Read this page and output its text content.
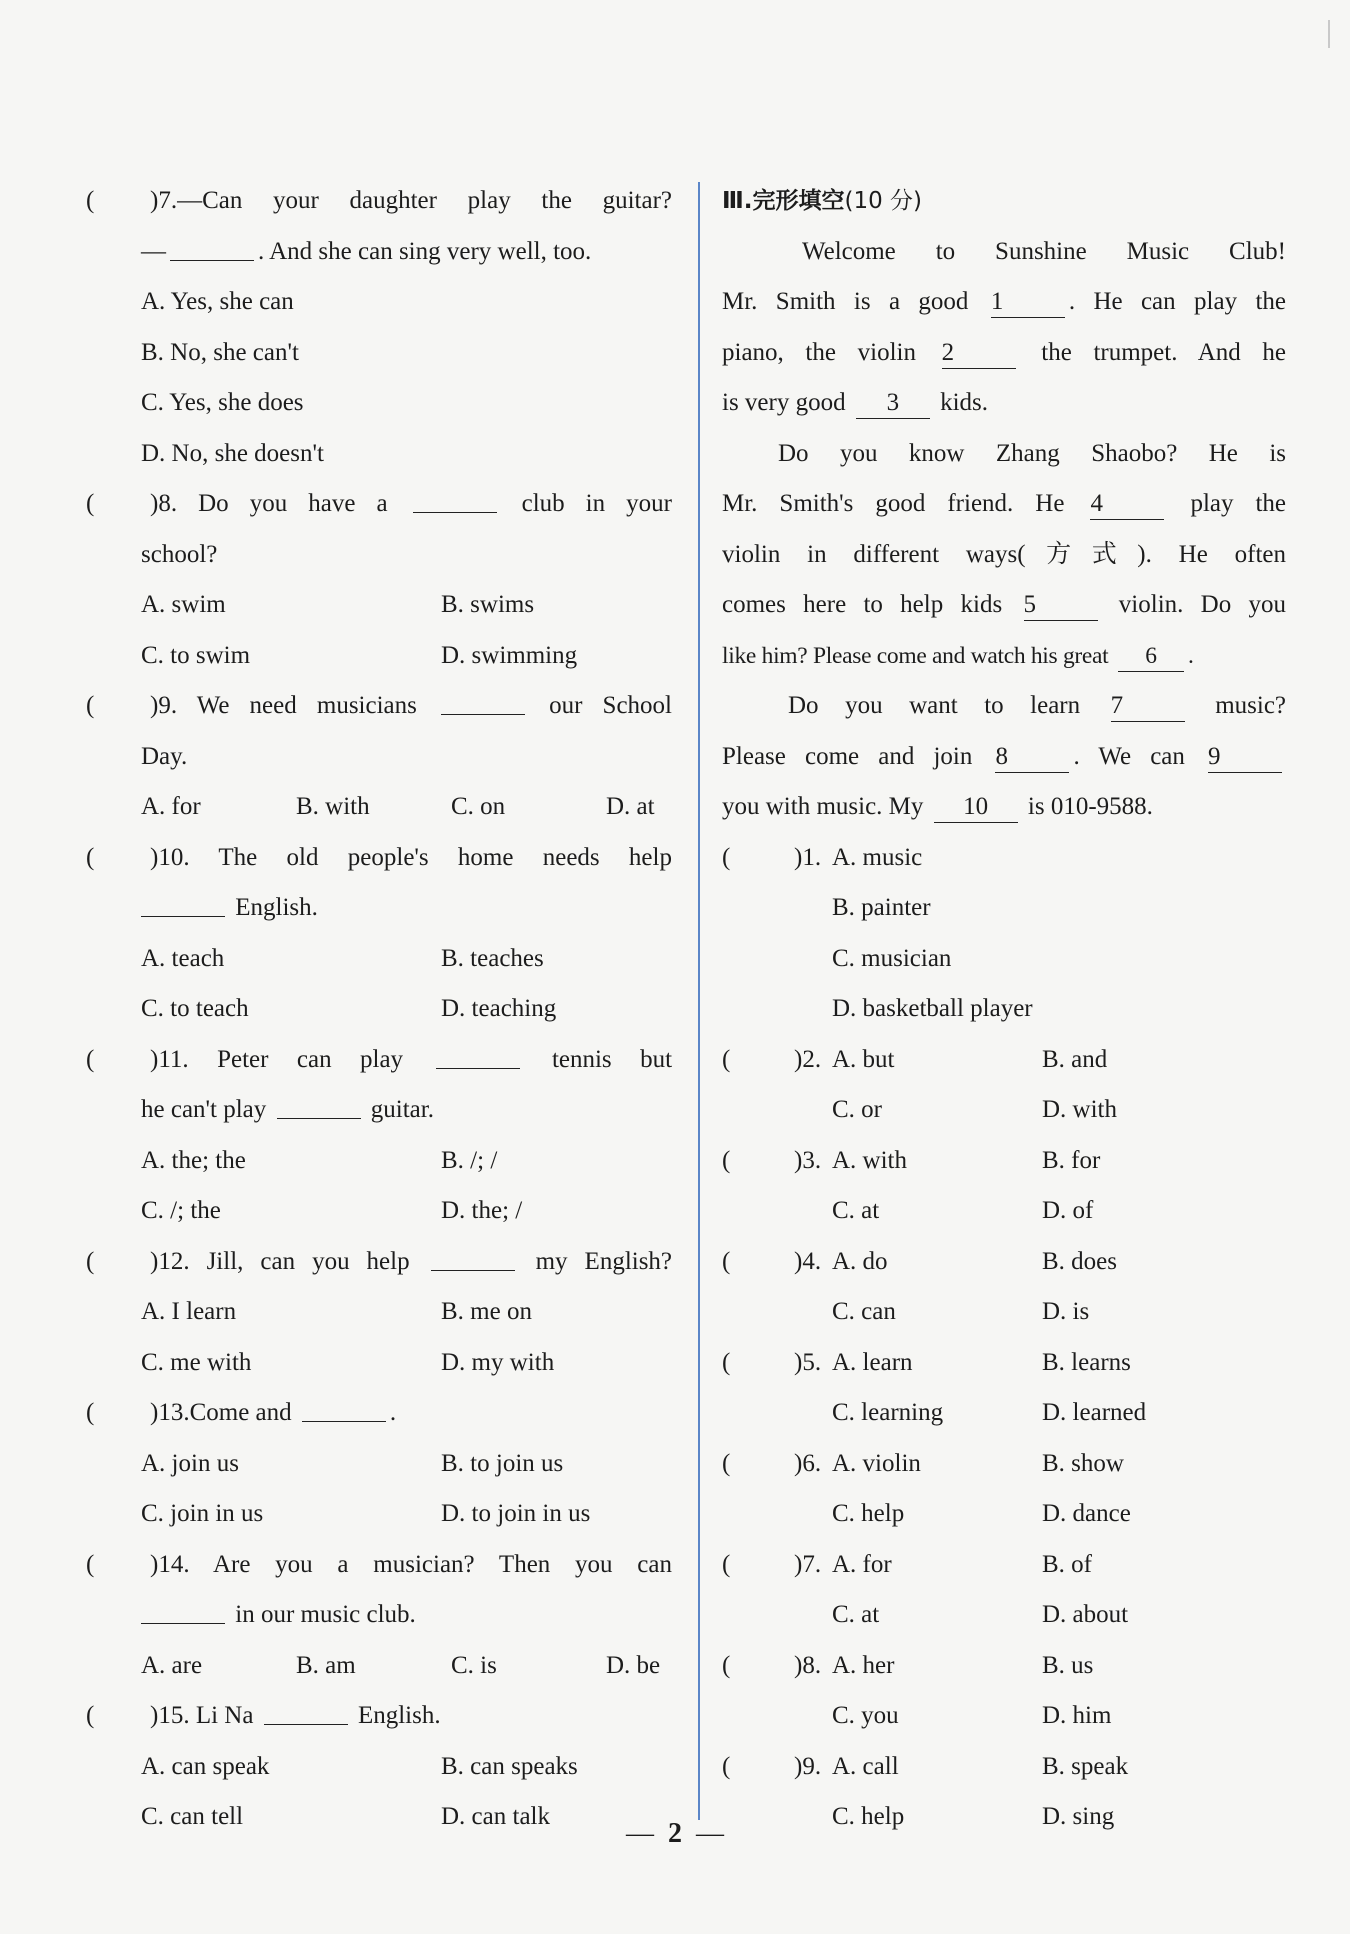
(	)7.—Can your daughter play the guitar?
—	. And she can sing very well, too.
A. Yes, she can
B. No, she can't
C. Yes, she does
D. No, she doesn't
(	)8. Do you have a	club in your
school?
A. swim	B. swims
C. to swim	D. swimming
(	)9. We need musicians	our School
Day.
A. for	B. with	C. on	D. at
(	)10. The old people's home needs help
English.
A. teach	B. teaches
C. to teach	D. teaching
(	)11. Peter can play	tennis but
he can't play	guitar.
A. the; the	B. /; /
C. /; the	D. the; /
(	)12. Jill, can you help	my English?
A. I learn	B. me on
C. me with	D. my with
(	)13.Come and	.
A. join us	B. to join us
C. join in us	D. to join in us
(	)14. Are you a musician? Then you can
in our music club.
A. are	B. am	C. is	D. be
(	)15. Li Na	English.
A. can speak	B. can speaks
C. can tell	D. can talk
Ⅲ.完形填空(10 分)
Welcome to Sunshine Music Club!
Mr. Smith is a good 1	. He can play the
piano, the violin 2	the trumpet. And he
is very good 3 kids.
Do you know Zhang Shaobo? He is
Mr. Smith's good friend. He 4	play the
violin in different ways(方式). He often
comes here to help kids 5	violin. Do you
like him? Please come and watch his great 6 .
Do you want to learn 7	music?
Please come and join 8	. We can 9
you with music. My 10 is 010-9588.
(	)1. A. music
B. painter
C. musician
D. basketball player
(	)2. A. but	B. and
C. or	D. with
(	)3. A. with	B. for
C. at	D. of
(	)4. A. do	B. does
C. can	D. is
(	)5. A. learn	B. learns
C. learning	D. learned
(	)6. A. violin	B. show
C. help	D. dance
(	)7. A. for	B. of
C. at	D. about
(	)8. A. her	B. us
C. you	D. him
(	)9. A. call	B. speak
C. help	D. sing
— 2 —
